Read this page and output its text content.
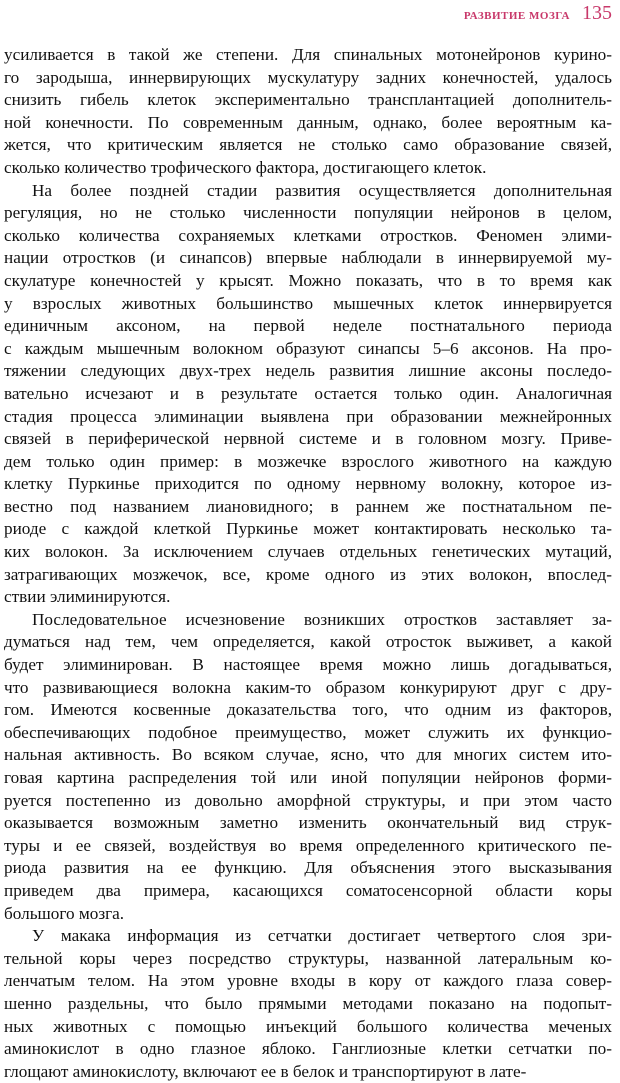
РАЗВИТИЕ МОЗГА 135
усиливается в такой же степени. Для спинальных мотонейронов курино-
го зародыша, иннервирующих мускулатуру задних конечностей, удалось
снизить гибель клеток экспериментально трансплантацией дополнитель-
ной конечности. По современным данным, однако, более вероятным ка-
жется, что критическим является не столько само образование связей,
сколько количество трофического фактора, достигающего клеток.
На более поздней стадии развития осуществляется дополнительная
регуляция, но не столько численности популяции нейронов в целом,
сколько количества сохраняемых клетками отростков. Феномен элими-
нации отростков (и синапсов) впервые наблюдали в иннервируемой му-
скулатуре конечностей у крысят. Можно показать, что в то время как
у взрослых животных большинство мышечных клеток иннервируется
единичным аксоном, на первой неделе постнатального периода
с каждым мышечным волокном образуют синапсы 5–6 аксонов. На про-
тяжении следующих двух-трех недель развития лишние аксоны последо-
вательно исчезают и в результате остается только один. Аналогичная
стадия процесса элиминации выявлена при образовании межнейронных
связей в периферической нервной системе и в головном мозгу. Приве-
дем только один пример: в мозжечке взрослого животного на каждую
клетку Пуркинье приходится по одному нервному волокну, которое из-
вестно под названием лиановидного; в раннем же постнатальном пе-
риоде с каждой клеткой Пуркинье может контактировать несколько та-
ких волокон. За исключением случаев отдельных генетических мутаций,
затрагивающих мозжечок, все, кроме одного из этих волокон, впослед-
ствии элиминируются.
Последовательное исчезновение возникших отростков заставляет за-
думаться над тем, чем определяется, какой отросток выживет, а какой
будет элиминирован. В настоящее время можно лишь догадываться,
что развивающиеся волокна каким-то образом конкурируют друг с дру-
гом. Имеются косвенные доказательства того, что одним из факторов,
обеспечивающих подобное преимущество, может служить их функцио-
нальная активность. Во всяком случае, ясно, что для многих систем ито-
говая картина распределения той или иной популяции нейронов форми-
руется постепенно из довольно аморфной структуры, и при этом часто
оказывается возможным заметно изменить окончательный вид струк-
туры и ее связей, воздействуя во время определенного критического пе-
риода развития на ее функцию. Для объяснения этого высказывания
приведем два примера, касающихся соматосенсорной области коры
большого мозга.
У макака информация из сетчатки достигает четвертого слоя зри-
тельной коры через посредство структуры, названной латеральным ко-
ленчатым телом. На этом уровне входы в кору от каждого глаза совер-
шенно раздельны, что было прямыми методами показано на подопыт-
ных животных с помощью инъекций большого количества меченых
аминокислот в одно глазное яблоко. Ганглиозные клетки сетчатки по-
глощают аминокислоту, включают ее в белок и транспортируют в лате-
